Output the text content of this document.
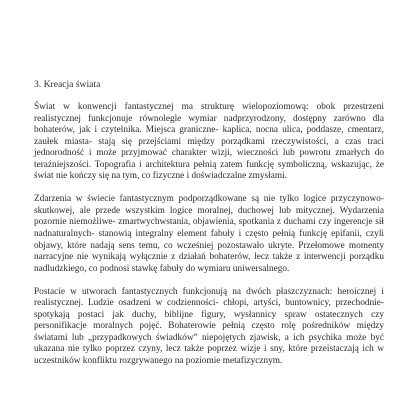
3. Kreacja świata

Świat w konwencji fantastycznej ma strukturę wielopoziomową: obok przestrzeni realistycznej funkcjonuje równolegle wymiar nadprzyrodzony, dostępny zarówno dla bohaterów, jak i czytelnika. Miejsca graniczne- kaplica, nocna ulica, poddasze, cmentarz, zaułek miasta- stają się przejściami między porządkami rzeczywistości, a czas traci jednorodność i może przyjmować charakter wizji, wieczności lub powrotu zmarłych do teraźniejszości. Topografia i architektura pełnią zatem funkcję symboliczną, wskazując, że świat nie kończy się na tym, co fizyczne i doświadczalne zmysłami.

Zdarzenia w świecie fantastycznym podporządkowane są nie tylko logice przyczynowo-skutkowej, ale przede wszystkim logice moralnej, duchowej lub mitycznej. Wydarzenia pozornie niemożliwe- zmartwychwstania, objawienia, spotkania z duchami czy ingerencje sił nadnaturalnych- stanowią integralny element fabuły i często pełnią funkcję epifanii, czyli objawy, które nadają sens temu, co wcześniej pozostawało ukryte. Przełomowe momenty narracyjne nie wynikają wyłącznie z działań bohaterów, lecz także z interwencji porządku nadludzkiego, co podnosi stawkę fabuły do wymiaru uniwersalnego.

Postacie w utworach fantastycznych funkcjonują na dwóch płaszczyznach: heroicznej i realistycznej. Ludzie osadzeni w codzienności- chłopi, artyści, buntownicy, przechodnie- spotykają postaci jak duchy, biblijne figury, wysłannicy spraw ostatecznych czy personifikacje moralnych pojęć. Bohaterowie pełnią często rolę pośredników między światami lub „przypadkowych świadków” niepojętych zjawisk, a ich psychika może być ukazana nie tylko poprzez czyny, lecz także poprzez wizje i sny, które przeistaczają ich w uczestników konfliktu rozgrywanego na poziomie metafizycznym.
